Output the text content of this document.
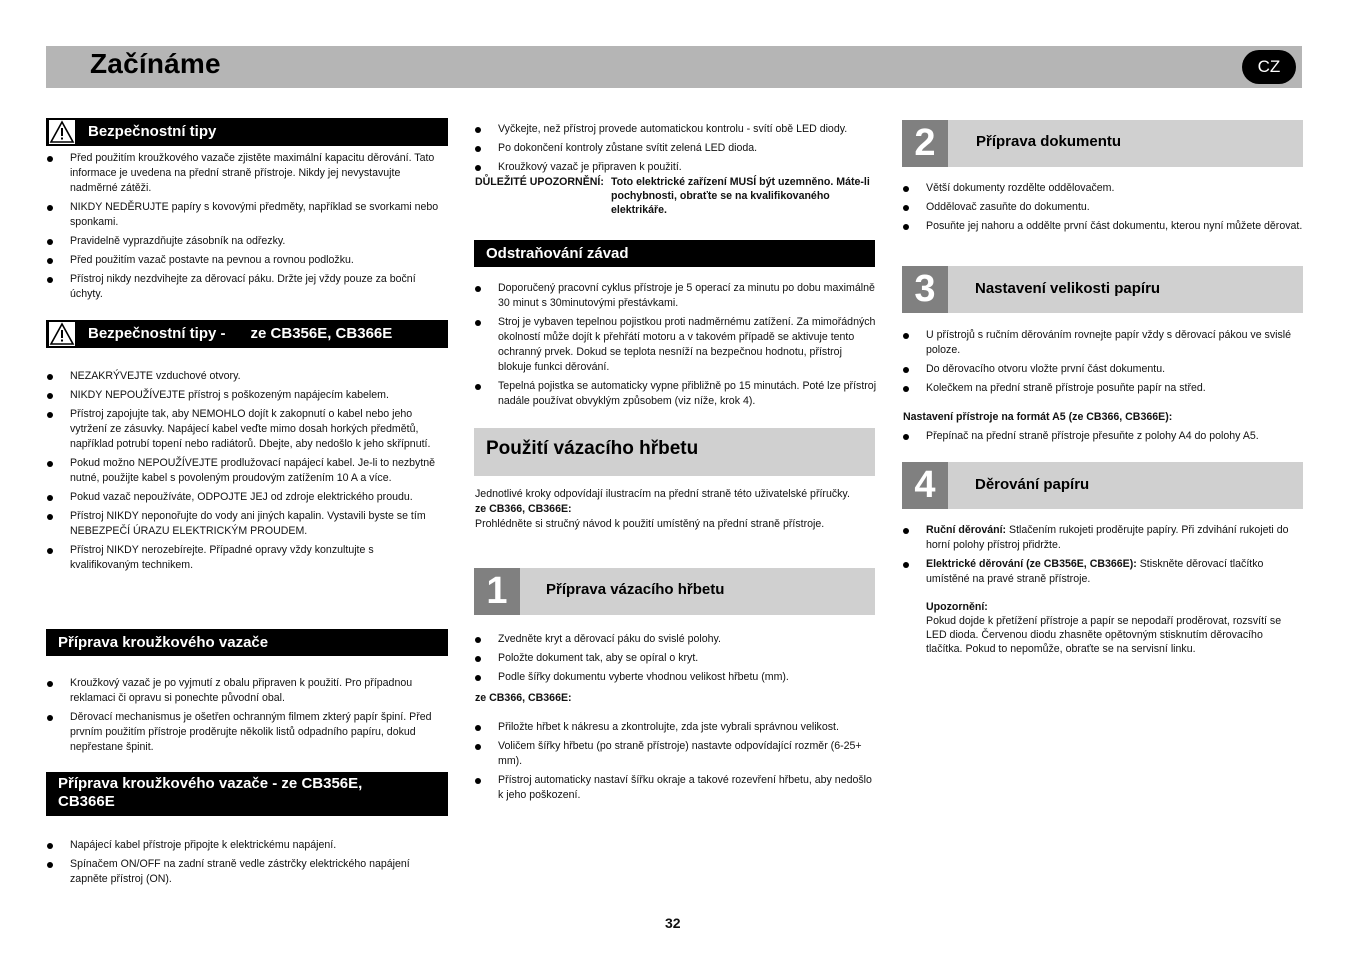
Začínáme	CZ
Bezpečnostní tipy
Před použitím kroužkového vazače zjistěte maximální kapacitu děrování. Tato informace je uvedena na přední straně přístroje. Nikdy jej nevystavujte nadměrné zátěži.
NIKDY NEDĚRUJTE papíry s kovovými předměty, například se svorkami nebo sponkami.
Pravidelně vyprazdňujte zásobník na odřezky.
Před použitím vazač postavte na pevnou a rovnou podložku.
Přístroj nikdy nezdvihejte za děrovací páku. Držte jej vždy pouze za boční úchyty.
Bezpečnostní tipy -      ze CB356E, CB366E
NEZAKRÝVEJTE vzduchové otvory.
NIKDY NEPOUŽÍVEJTE přístroj s poškozeným napájecím kabelem.
Přístroj zapojujte tak, aby NEMOHLO dojít k zakopnutí o kabel nebo jeho vytržení ze zásuvky. Napájecí kabel veďte mimo dosah horkých předmětů, například potrubí topení nebo radiátorů. Dbejte, aby nedošlo k jeho skřípnutí.
Pokud možno NEPOUŽÍVEJTE prodlužovací napájecí kabel. Je-li to nezbytně nutné, použijte kabel s povoleným proudovým zatížením 10 A a více.
Pokud vazač nepoužíváte, ODPOJTE JEJ od zdroje elektrického proudu.
Přístroj NIKDY neponořujte do vody ani jiných kapalin. Vystavili byste se tím NEBEZPEČÍ ÚRAZU ELEKTRICKÝM PROUDEM.
Přístroj NIKDY nerozebírejte. Případné opravy vždy konzultujte s kvalifikovaným technikem.
Příprava kroužkového vazače
Kroužkový vazač je po vyjmutí z obalu připraven k použití. Pro případnou reklamaci či opravu si ponechte původní obal.
Děrovací mechanismus je ošetřen ochranným filmem zkterý papír špiní. Před prvním použitím přístroje proděrujte několik listů odpadního papíru, dokud nepřestane špinit.
Příprava kroužkového vazače - ze CB356E,
CB366E
Napájecí kabel přístroje připojte k elektrickému napájení.
Spínačem ON/OFF na zadní straně vedle zástrčky elektrického napájení zapněte přístroj (ON).
Vyčkejte, než přístroj provede automatickou kontrolu - svítí obě LED diody.
Po dokončení kontroly zůstane svítit zelená LED dioda.
Kroužkový vazač je připraven k použití.
DŮLEŽITÉ UPOZORNĚNÍ: Toto elektrické zařízení MUSÍ být uzemněno. Máte-li
pochybnosti, obraťte se na kvalifikovaného
elektrikáře.
Odstraňování závad
Doporučený pracovní cyklus přístroje je 5 operací za minutu po dobu maximálně 30 minut s 30minutovými přestávkami.
Stroj je vybaven tepelnou pojistkou proti nadměrnému zatížení. Za mimořádných okolností může dojít k přehřátí motoru a v takovém případě se aktivuje tento ochranný prvek. Dokud se teplota nesníží na bezpečnou hodnotu, přístroj blokuje funkci děrování.
Tepelná pojistka se automaticky vypne přibližně po 15 minutách. Poté lze přístroj nadále používat obvyklým způsobem (viz níže, krok 4).
Použití vázacího hřbetu
Jednotlivé kroky odpovídají ilustracím na přední straně této uživatelské příručky.
ze CB366, CB366E:
Prohlédněte si stručný návod k použití umístěný na přední straně přístroje.
1	Příprava vázacího hřbetu
Zvedněte kryt a děrovací páku do svislé polohy.
Položte dokument tak, aby se opíral o kryt.
Podle šířky dokumentu vyberte vhodnou velikost hřbetu (mm).
ze CB366, CB366E:
Přiložte hřbet k nákresu a zkontrolujte, zda jste vybrali správnou velikost.
Voličem šířky hřbetu (po straně přístroje) nastavte odpovídající rozměr (6-25+ mm).
Přístroj automaticky nastaví šířku okraje a takové rozevření hřbetu, aby nedošlo k jeho poškození.
2	Příprava dokumentu
Větší dokumenty rozdělte oddělovačem.
Oddělovač zasuňte do dokumentu.
Posuňte jej nahoru a oddělte první část dokumentu, kterou nyní můžete děrovat.
3	Nastavení velikosti papíru
U přístrojů s ručním děrováním rovnejte papír vždy s děrovací pákou ve svislé poloze.
Do děrovacího otvoru vložte první část dokumentu.
Kolečkem na přední straně přístroje posuňte papír na střed.
Nastavení přístroje na formát A5 (ze CB366, CB366E):
Přepínač na přední straně přístroje přesuňte z polohy A4 do polohy A5.
4	Děrování papíru
Ruční děrování: Stlačením rukojeti proděrujte papíry. Při zdvihání rukojeti do horní polohy přístroj přidržte.
Elektrické děrování (ze CB356E, CB366E): Stiskněte děrovací tlačítko umístěné na pravé straně přístroje.
Upozornění:
Pokud dojde k přetížení přístroje a papír se nepodaří proděrovat, rozsvítí se LED dioda. Červenou diodu zhasněte opětovným stisknutím děrovacího tlačítka. Pokud to nepomůže, obraťte se na servisní linku.
32
